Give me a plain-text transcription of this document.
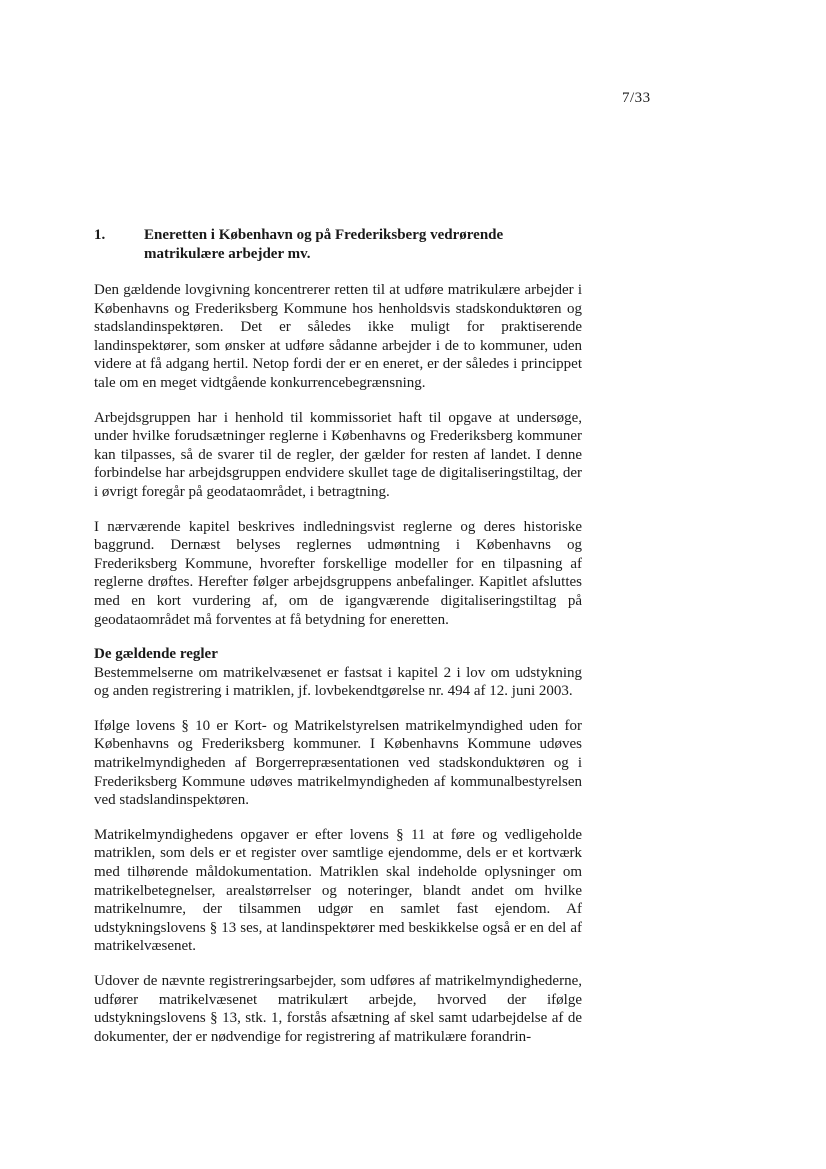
7/33
1.	Eneretten i København og på Frederiksberg vedrørende matrikulære arbejder mv.

Den gældende lovgivning koncentrerer retten til at udføre matrikulære arbejder i Københavns og Frederiksberg Kommune hos henholdsvis stadskonduktøren og stadslandinspektøren. Det er således ikke muligt for praktiserende landinspektører, som ønsker at udføre sådanne arbejder i de to kommuner, uden videre at få adgang hertil. Netop fordi der er en eneret, er der således i princippet tale om en meget vidtgående konkurrencebegrænsning.

Arbejdsgruppen har i henhold til kommissoriet haft til opgave at undersøge, under hvilke forudsætninger reglerne i Københavns og Frederiksberg kommuner kan tilpasses, så de svarer til de regler, der gælder for resten af landet. I denne forbindelse har arbejdsgruppen endvidere skullet tage de digitaliseringstiltag, der i øvrigt foregår på geodataområdet, i betragtning.

I nærværende kapitel beskrives indledningsvist reglerne og deres historiske baggrund. Dernæst belyses reglernes udmøntning i Københavns og Frederiksberg Kommune, hvorefter forskellige modeller for en tilpasning af reglerne drøftes. Herefter følger arbejdsgruppens anbefalinger. Kapitlet afsluttes med en kort vurdering af, om de igangværende digitaliseringstiltag på geodataområdet må forventes at få betydning for eneretten.

De gældende regler

Bestemmelserne om matrikelvæsenet er fastsat i kapitel 2 i lov om udstykning og anden registrering i matriklen, jf. lovbekendtgørelse nr. 494 af 12. juni 2003.

Ifølge lovens § 10 er Kort- og Matrikelstyrelsen matrikelmyndighed uden for Københavns og Frederiksberg kommuner. I Københavns Kommune udøves matrikelmyndigheden af Borgerrepræsentationen ved stadskonduktøren og i Frederiksberg Kommune udøves matrikelmyndigheden af kommunalbestyrelsen ved stadslandinspektøren.

Matrikelmyndighedens opgaver er efter lovens § 11 at føre og vedligeholde matriklen, som dels er et register over samtlige ejendomme, dels er et kortværk med tilhørende måldokumentation. Matriklen skal indeholde oplysninger om matrikelbetegnelser, arealstørrelser og noteringer, blandt andet om hvilke matrikelnumre, der tilsammen udgør en samlet fast ejendom. Af udstykningslovens § 13 ses, at landinspektører med beskikkelse også er en del af matrikelvæsenet.

Udover de nævnte registreringsarbejder, som udføres af matrikelmyndighederne, udfører matrikelvæsenet matrikulært arbejde, hvorved der ifølge udstykningslovens § 13, stk. 1, forstås afsætning af skel samt udarbejdelse af de dokumenter, der er nødvendige for registrering af matrikulære forandrin-
